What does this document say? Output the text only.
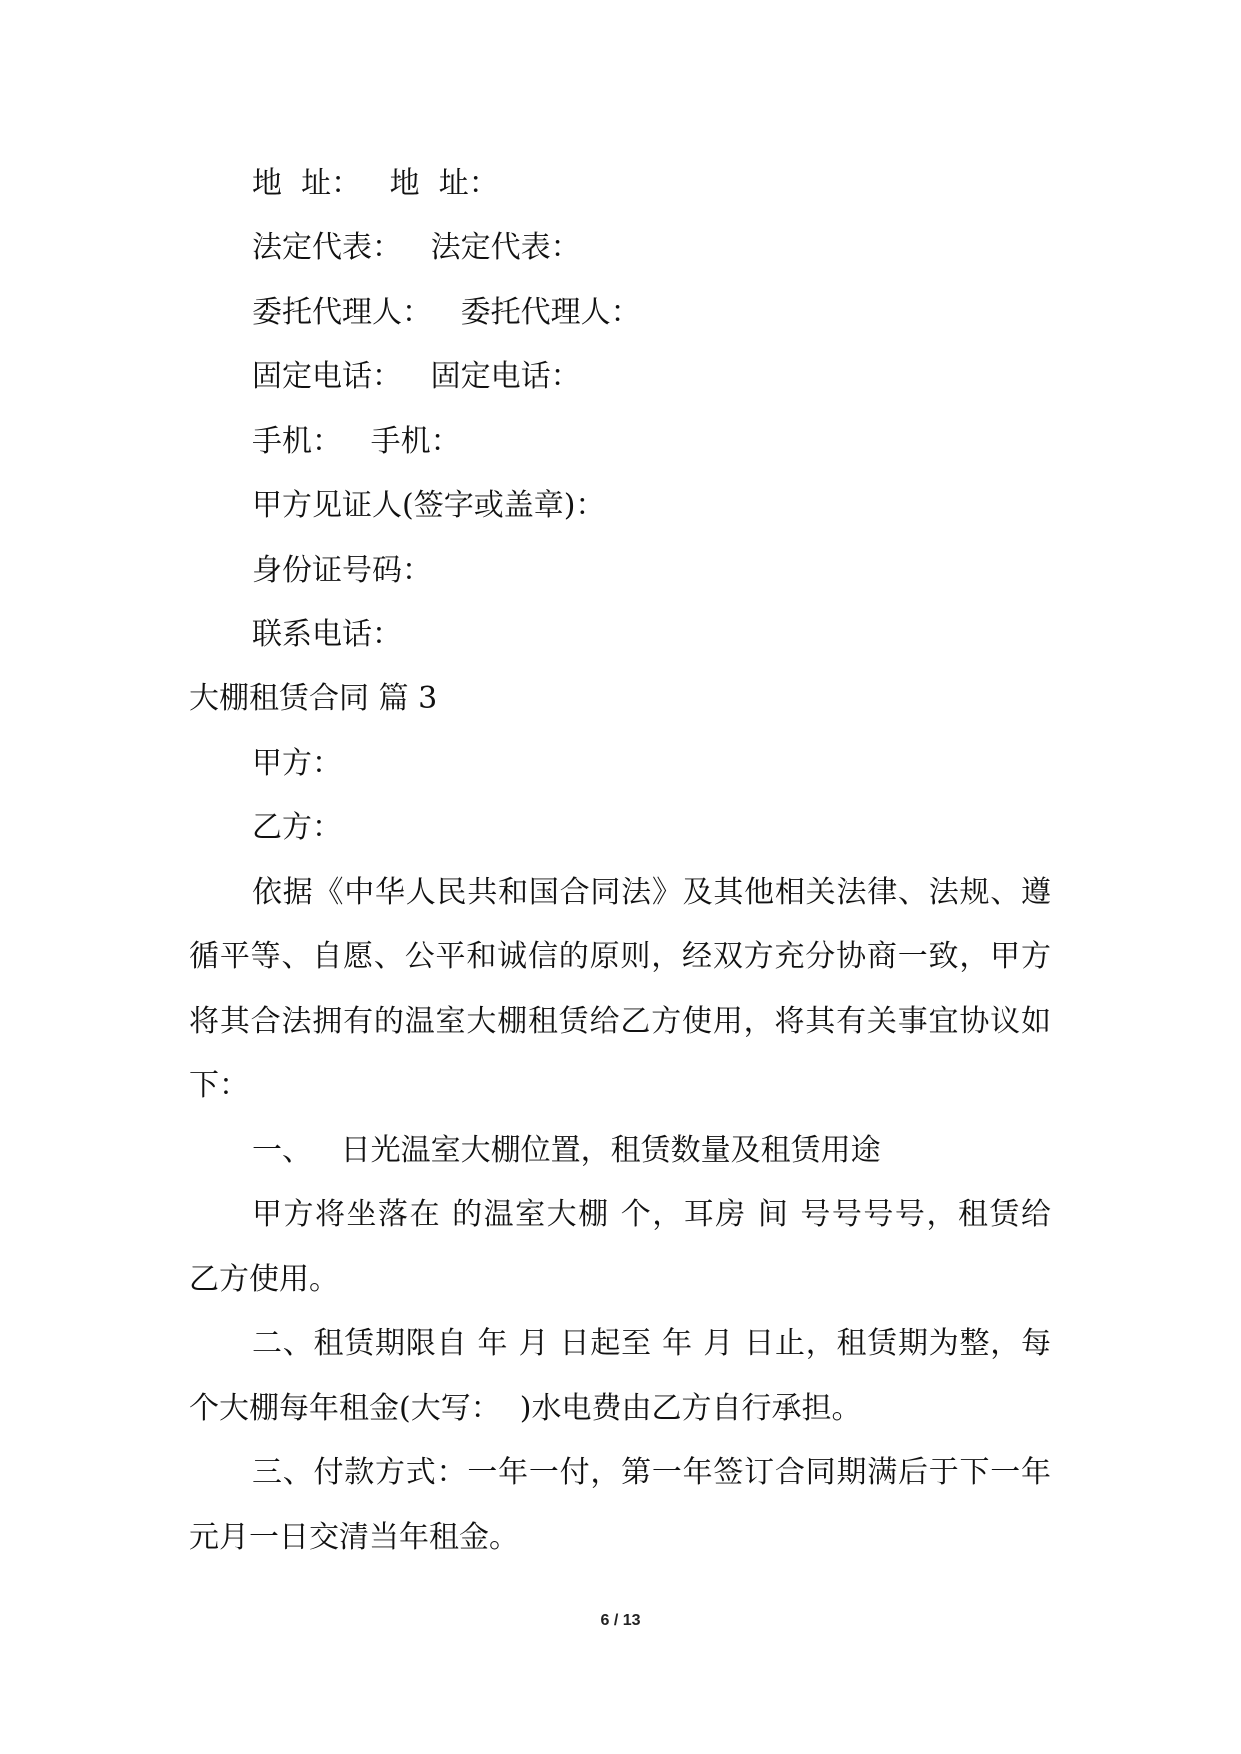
地  址：   地  址：
法定代表：   法定代表：
委托代理人：   委托代理人：
固定电话：   固定电话：
手机：   手机：
甲方见证人(签字或盖章)：
身份证号码：
联系电话：
大棚租赁合同 篇 3
甲方：
乙方：
依据《中华人民共和国合同法》及其他相关法律、法规、遵
循平等、自愿、公平和诚信的原则，经双方充分协商一致，甲方
将其合法拥有的温室大棚租赁给乙方使用，将其有关事宜协议如
下：
一、   日光温室大棚位置，租赁数量及租赁用途
甲方将坐落在 的温室大棚 个，耳房 间 号号号号，租赁给
乙方使用。
二、租赁期限自 年 月 日起至 年 月 日止，租赁期为整，每
个大棚每年租金(大写：  )水电费由乙方自行承担。
三、付款方式：一年一付，第一年签订合同期满后于下一年
元月一日交清当年租金。
6 / 13
